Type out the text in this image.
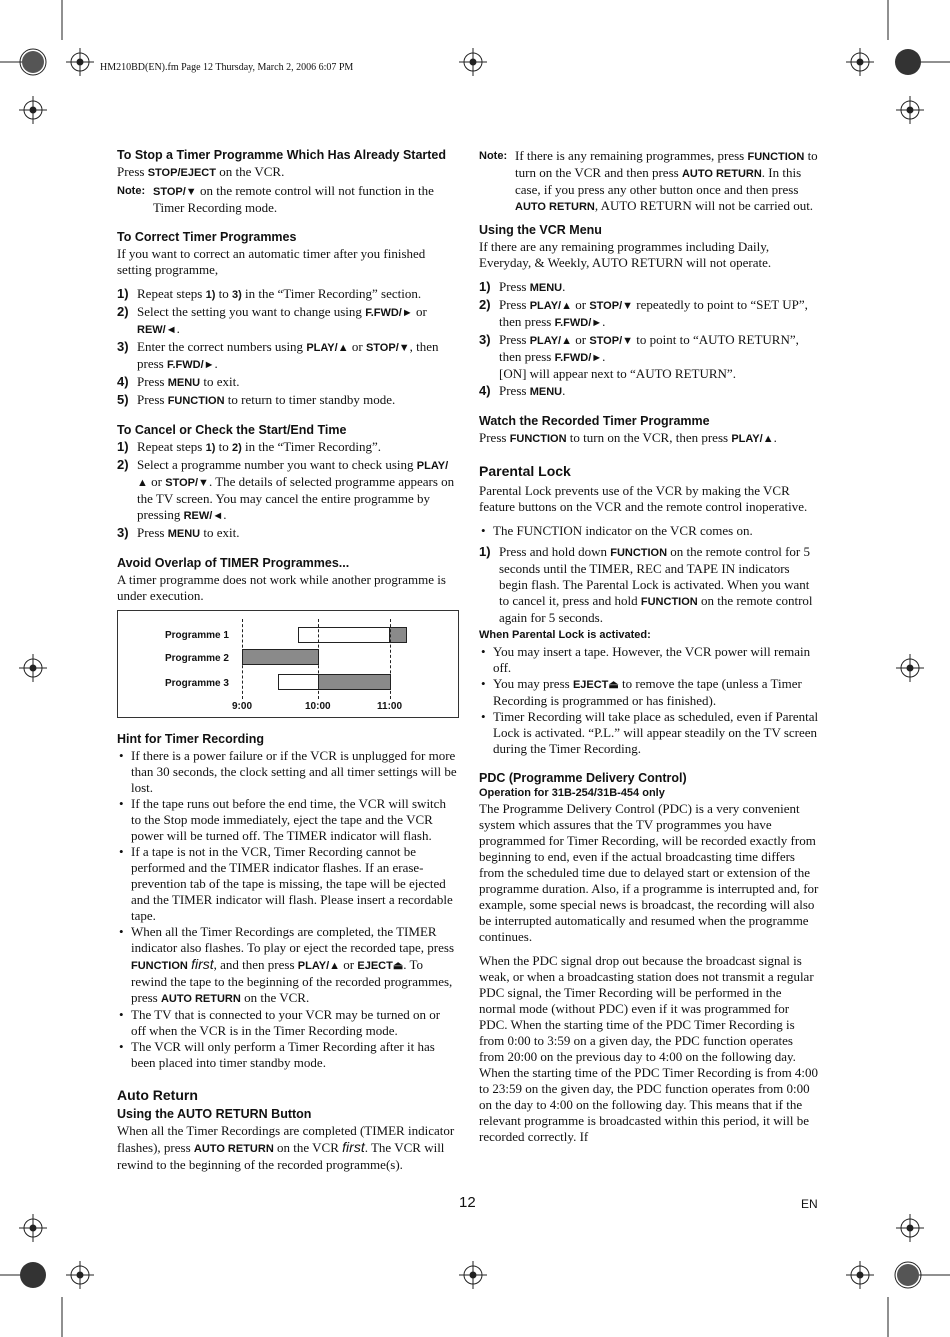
HM210BD(EN).fm Page 12 Thursday, March 2, 2006 6:07 PM
To Stop a Timer Programme Which Has Already Started

Press STOP/EJECT on the VCR.

Note: STOP/▼ on the remote control will not function in the Timer Recording mode.
To Correct Timer Programmes

If you want to correct an automatic timer after you finished setting programme,

1) Repeat steps 1) to 3) in the “Timer Recording” section.
2) Select the setting you want to change using F.FWD/► or REW/◄.
3) Enter the correct numbers using PLAY/▲ or STOP/▼, then press F.FWD/►.
4) Press MENU to exit.
5) Press FUNCTION to return to timer standby mode.
To Cancel or Check the Start/End Time
1) Repeat steps 1) to 2) in the “Timer Recording”.
2) Select a programme number you want to check using PLAY/▲ or STOP/▼. The details of selected programme appears on the TV screen. You may cancel the entire programme by pressing REW/◄.
3) Press MENU to exit.
Avoid Overlap of TIMER Programmes...

A timer programme does not work while another programme is under execution.

Programme 1
Programme 2
Programme 3
9:00	10:00	11:00
Hint for Timer Recording
• If there is a power failure or if the VCR is unplugged for more than 30 seconds, the clock setting and all timer settings will be lost.
• If the tape runs out before the end time, the VCR will switch to the Stop mode immediately, eject the tape and the VCR power will be turned off. The TIMER indicator will flash.
• If a tape is not in the VCR, Timer Recording cannot be performed and the TIMER indicator flashes. If an erase-prevention tab of the tape is missing, the tape will be ejected and the TIMER indicator will flash. Please insert a recordable tape.
• When all the Timer Recordings are completed, the TIMER indicator also flashes. To play or eject the recorded tape, press FUNCTION first, and then press PLAY/▲ or EJECT⏏. To rewind the tape to the beginning of the recorded programmes, press AUTO RETURN on the VCR.
• The TV that is connected to your VCR may be turned on or off when the VCR is in the Timer Recording mode.
• The VCR will only perform a Timer Recording after it has been placed into timer standby mode.
Auto Return
Using the AUTO RETURN Button

When all the Timer Recordings are completed (TIMER indicator flashes), press AUTO RETURN on the VCR first. The VCR will rewind to the beginning of the recorded programme(s).

Note: If there is any remaining programmes, press FUNCTION to turn on the VCR and then press AUTO RETURN. In this case, if you press any other button once and then press AUTO RETURN, AUTO RETURN will not be carried out.
Using the VCR Menu

If there are any remaining programmes including Daily, Everyday, & Weekly, AUTO RETURN will not operate.

1) Press MENU.
2) Press PLAY/▲ or STOP/▼ repeatedly to point to “SET UP”, then press F.FWD/►.
3) Press PLAY/▲ or STOP/▼ to point to “AUTO RETURN”, then press F.FWD/►.
[ON] will appear next to “AUTO RETURN”.
4) Press MENU.
Watch the Recorded Timer Programme

Press FUNCTION to turn on the VCR, then press PLAY/▲.

Parental Lock

Parental Lock prevents use of the VCR by making the VCR feature buttons on the VCR and the remote control inoperative.

• The FUNCTION indicator on the VCR comes on.
1) Press and hold down FUNCTION on the remote control for 5 seconds until the TIMER, REC and TAPE IN indicators begin flash. The Parental Lock is activated. When you want to cancel it, press and hold FUNCTION on the remote control again for 5 seconds.
When Parental Lock is activated:
• You may insert a tape. However, the VCR power will remain off.
• You may press EJECT⏏ to remove the tape (unless a Timer Recording is programmed or has finished).
• Timer Recording will take place as scheduled, even if Parental Lock is activated. “P.L.” will appear steadily on the TV screen during the Timer Recording.
PDC (Programme Delivery Control)
Operation for 31B-254/31B-454 only

The Programme Delivery Control (PDC) is a very convenient system which assures that the TV programmes you have programmed for Timer Recording, will be recorded exactly from beginning to end, even if the actual broadcasting time differs from the scheduled time due to delayed start or extension of the programme duration. Also, if a programme is interrupted and, for example, some special news is broadcast, the recording will also be interrupted automatically and resumed when the programme continues.

When the PDC signal drop out because the broadcast signal is weak, or when a broadcasting station does not transmit a regular PDC signal, the Timer Recording will be performed in the normal mode (without PDC) even if it was programmed for PDC. When the starting time of the PDC Timer Recording is from 0:00 to 3:59 on a given day, the PDC function operates from 20:00 on the previous day to 4:00 on the following day. When the starting time of the PDC Timer Recording is from 4:00 to 23:59 on the given day, the PDC function operates from 0:00 on the day to 4:00 on the following day. This means that if the relevant programme is broadcasted within this period, it will be recorded correctly. If

12	EN
